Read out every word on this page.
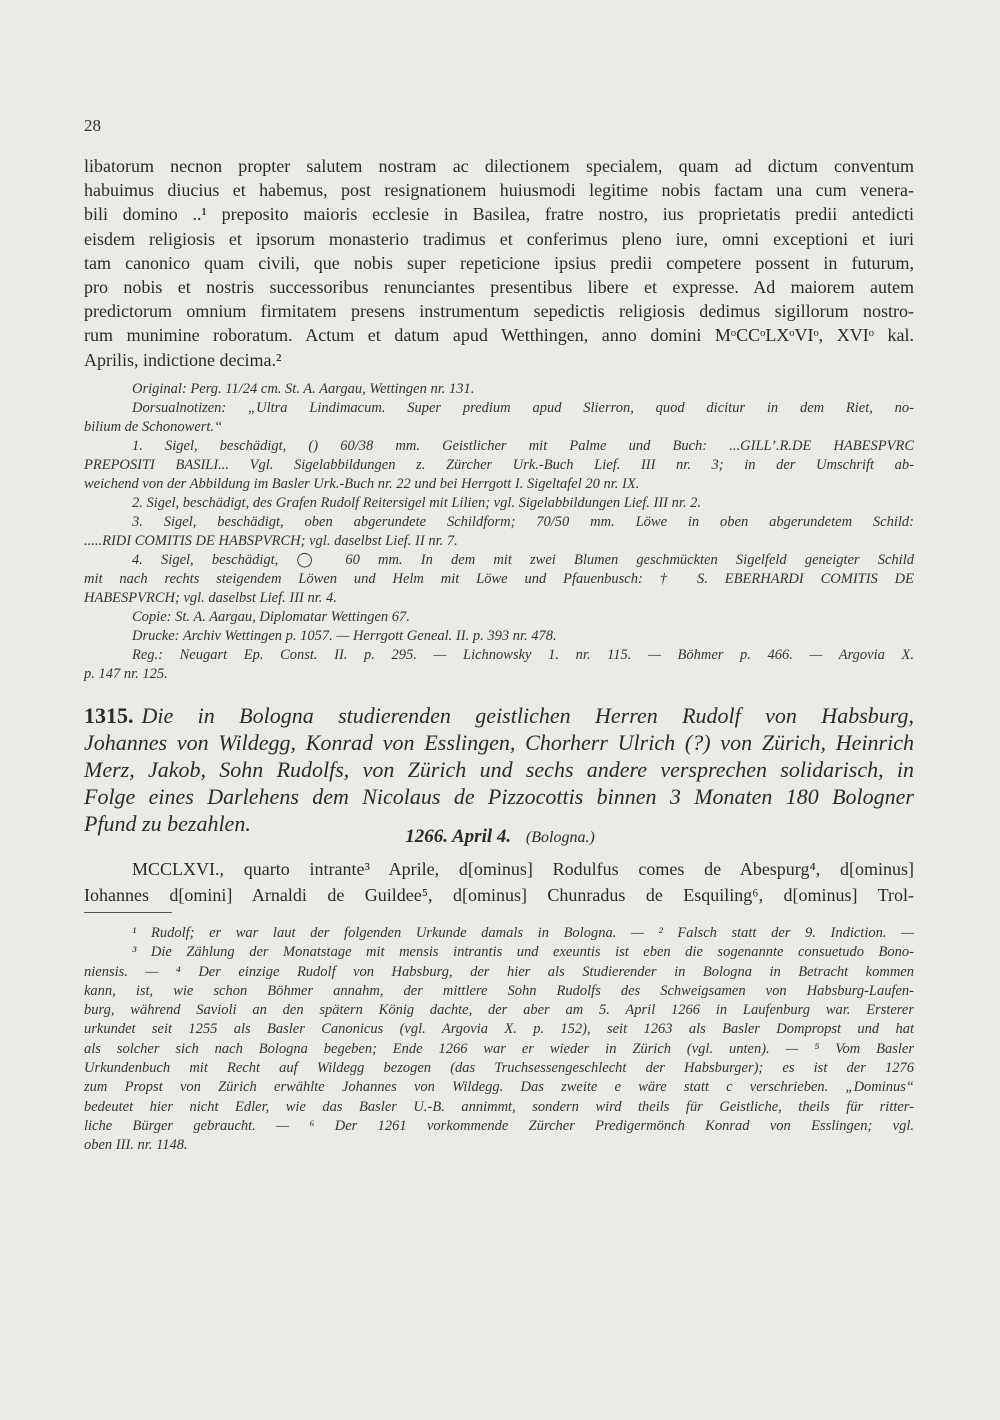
28
libatorum necnon propter salutem nostram ac dilectionem specialem, quam ad dictum conventum
habuimus diucius et habemus, post resignationem huiusmodi legitime nobis factam una cum venera-
bili domino ..¹ preposito maioris ecclesie in Basilea, fratre nostro, ius proprietatis predii antedicti
eisdem religiosis et ipsorum monasterio tradimus et conferimus pleno iure, omni exceptioni et iuri
tam canonico quam civili, que nobis super repeticione ipsius predii competere possent in futurum,
pro nobis et nostris successoribus renunciantes presentibus libere et expresse. Ad maiorem autem
predictorum omnium firmitatem presens instrumentum sepedictis religiosis dedimus sigillorum nostro-
rum munimine roboratum. Actum et datum apud Wetthingen, anno domini MᵒCCᵒLXᵒVIᵒ, XVIᵒ kal.
Aprilis, indictione decima.²
Original: Perg. 11/24 cm. St. A. Aargau, Wettingen nr. 131.
Dorsualnotizen: „Ultra Lindimacum. Super predium apud Slierron, quod dicitur in dem Riet, no-
bilium de Schonowert.“
1. Sigel, beschädigt, () 60/38 mm. Geistlicher mit Palme und Buch: ...GILL’.R.DE HABESPVRC
PREPOSITI BASILI... Vgl. Sigelabbildungen z. Zürcher Urk.-Buch Lief. III nr. 3; in der Umschrift ab-
weichend von der Abbildung im Basler Urk.-Buch nr. 22 und bei Herrgott I. Sigeltafel 20 nr. IX.
2. Sigel, beschädigt, des Grafen Rudolf Reitersigel mit Lilien; vgl. Sigelabbildungen Lief. III nr. 2.
3. Sigel, beschädigt, oben abgerundete Schildform; 70/50 mm. Löwe in oben abgerundetem Schild:
.....RIDI COMITIS DE HABSPVRCH; vgl. daselbst Lief. II nr. 7.
4. Sigel, beschädigt, ◯ 60 mm. In dem mit zwei Blumen geschmückten Sigelfeld geneigter Schild
mit nach rechts steigendem Löwen und Helm mit Löwe und Pfauenbusch: † S. EBERHARDI COMITIS DE
HABESPVRCH; vgl. daselbst Lief. III nr. 4.
Copie: St. A. Aargau, Diplomatar Wettingen 67.
Drucke: Archiv Wettingen p. 1057. — Herrgott Geneal. II. p. 393 nr. 478.
Reg.: Neugart Ep. Const. II. p. 295. — Lichnowsky 1. nr. 115. — Böhmer p. 466. — Argovia X.
p. 147 nr. 125.
1315. Die in Bologna studierenden geistlichen Herren Rudolf von Habsburg,
Johannes von Wildegg, Konrad von Esslingen, Chorherr Ulrich (?) von Zürich, Heinrich
Merz, Jakob, Sohn Rudolfs, von Zürich und sechs andere versprechen solidarisch, in
Folge eines Darlehens dem Nicolaus de Pizzocottis binnen 3 Monaten 180 Bologner
Pfund zu bezahlen.
1266. April 4. (Bologna.)
MCCLXVI., quarto intrante³ Aprile, d[ominus] Rodulfus comes de Abespurg⁴, d[ominus]
Iohannes d[omini] Arnaldi de Guildee⁵, d[ominus] Chunradus de Esquiling⁶, d[ominus] Trol-
¹ Rudolf; er war laut der folgenden Urkunde damals in Bologna. — ² Falsch statt der 9. Indiction. —
³ Die Zählung der Monatstage mit mensis intrantis und exeuntis ist eben die sogenannte consuetudo Bono-
niensis. — ⁴ Der einzige Rudolf von Habsburg, der hier als Studierender in Bologna in Betracht kommen
kann, ist, wie schon Böhmer annahm, der mittlere Sohn Rudolfs des Schweigsamen von Habsburg-Laufen-
burg, während Savioli an den spätern König dachte, der aber am 5. April 1266 in Laufenburg war. Ersterer
urkundet seit 1255 als Basler Canonicus (vgl. Argovia X. p. 152), seit 1263 als Basler Dompropst und hat
als solcher sich nach Bologna begeben; Ende 1266 war er wieder in Zürich (vgl. unten). — ⁵ Vom Basler
Urkundenbuch mit Recht auf Wildegg bezogen (das Truchsessengeschlecht der Habsburger); es ist der 1276
zum Propst von Zürich erwählte Johannes von Wildegg. Das zweite e wäre statt c verschrieben. „Dominus“
bedeutet hier nicht Edler, wie das Basler U.-B. annimmt, sondern wird theils für Geistliche, theils für ritter-
liche Bürger gebraucht. — ⁶ Der 1261 vorkommende Zürcher Predigermönch Konrad von Esslingen; vgl.
oben III. nr. 1148.
